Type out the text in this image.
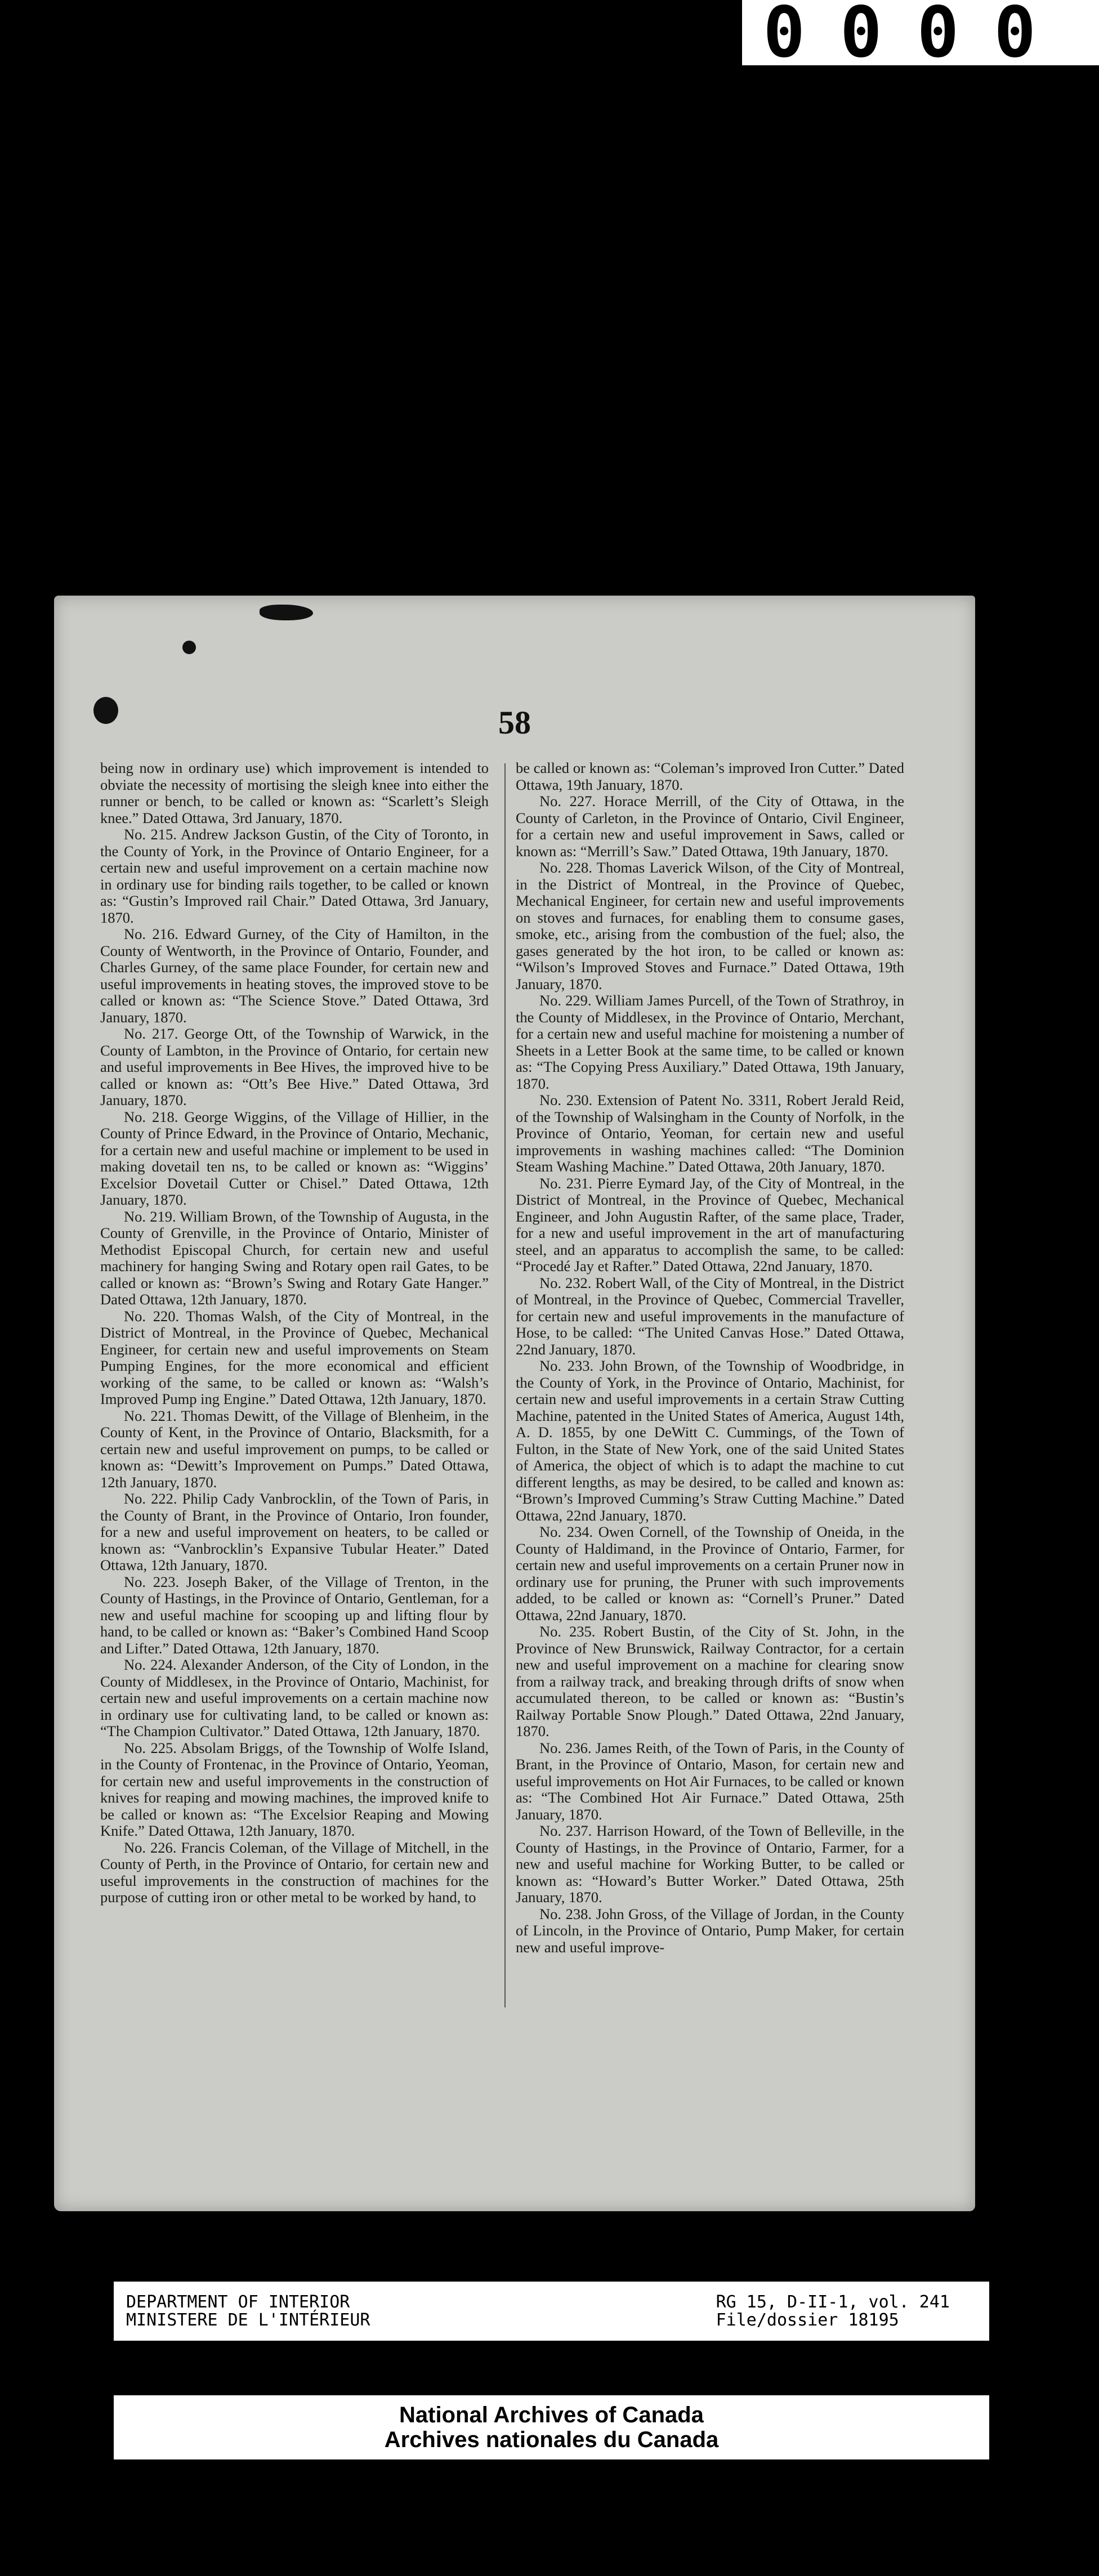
0000
58

being now in ordinary use) which improvement is intended to obviate the necessity of mortising the sleigh knee into either the runner or bench, to be called or known as: “Scarlett’s Sleigh knee.” Dated Ottawa, 3rd January, 1870.

No. 215. Andrew Jackson Gustin, of the City of Toronto, in the County of York, in the Province of Ontario Engineer, for a certain new and useful improvement on a certain machine now in ordinary use for binding rails together, to be called or known as: “Gustin’s Improved rail Chair.” Dated Ottawa, 3rd January, 1870.

No. 216. Edward Gurney, of the City of Hamilton, in the County of Wentworth, in the Province of Ontario, Founder, and Charles Gurney, of the same place Founder, for certain new and useful improvements in heating stoves, the improved stove to be called or known as: “The Science Stove.” Dated Ottawa, 3rd January, 1870.

No. 217. George Ott, of the Township of Warwick, in the County of Lambton, in the Province of Ontario, for certain new and useful improvements in Bee Hives, the improved hive to be called or known as: “Ott’s Bee Hive.” Dated Ottawa, 3rd January, 1870.

No. 218. George Wiggins, of the Village of Hillier, in the County of Prince Edward, in the Province of Ontario, Mechanic, for a certain new and useful machine or implement to be used in making dovetail ten ns, to be called or known as: “Wiggins’ Excelsior Dovetail Cutter or Chisel.” Dated Ottawa, 12th January, 1870.

No. 219. William Brown, of the Township of Augusta, in the County of Grenville, in the Province of Ontario, Minister of Methodist Episcopal Church, for certain new and useful machinery for hanging Swing and Rotary open rail Gates, to be called or known as: “Brown’s Swing and Rotary Gate Hanger.” Dated Ottawa, 12th January, 1870.

No. 220. Thomas Walsh, of the City of Montreal, in the District of Montreal, in the Province of Quebec, Mechanical Engineer, for certain new and useful improvements on Steam Pumping Engines, for the more economical and efficient working of the same, to be called or known as: “Walsh’s Improved Pump ing Engine.” Dated Ottawa, 12th January, 1870.

No. 221. Thomas Dewitt, of the Village of Blenheim, in the County of Kent, in the Province of Ontario, Blacksmith, for a certain new and useful improvement on pumps, to be called or known as: “Dewitt’s Improvement on Pumps.” Dated Ottawa, 12th January, 1870.

No. 222. Philip Cady Vanbrocklin, of the Town of Paris, in the County of Brant, in the Province of Ontario, Iron founder, for a new and useful improvement on heaters, to be called or known as: “Vanbrocklin’s Expansive Tubular Heater.” Dated Ottawa, 12th January, 1870.

No. 223. Joseph Baker, of the Village of Trenton, in the County of Hastings, in the Province of Ontario, Gentleman, for a new and useful machine for scooping up and lifting flour by hand, to be called or known as: “Baker’s Combined Hand Scoop and Lifter.” Dated Ottawa, 12th January, 1870.

No. 224. Alexander Anderson, of the City of London, in the County of Middlesex, in the Province of Ontario, Machinist, for certain new and useful improvements on a certain machine now in ordinary use for cultivating land, to be called or known as: “The Champion Cultivator.” Dated Ottawa, 12th January, 1870.

No. 225. Absolam Briggs, of the Township of Wolfe Island, in the County of Frontenac, in the Province of Ontario, Yeoman, for certain new and useful improvements in the construction of knives for reaping and mowing machines, the improved knife to be called or known as: “The Excelsior Reaping and Mowing Knife.” Dated Ottawa, 12th January, 1870.

No. 226. Francis Coleman, of the Village of Mitchell, in the County of Perth, in the Province of Ontario, for certain new and useful improvements in the construction of machines for the purpose of cutting iron or other metal to be worked by hand, to

be called or known as: “Coleman’s improved Iron Cutter.” Dated Ottawa, 19th January, 1870.

No. 227. Horace Merrill, of the City of Ottawa, in the County of Carleton, in the Province of Ontario, Civil Engineer, for a certain new and useful improvement in Saws, called or known as: “Merrill’s Saw.” Dated Ottawa, 19th January, 1870.

No. 228. Thomas Laverick Wilson, of the City of Montreal, in the District of Montreal, in the Province of Quebec, Mechanical Engineer, for certain new and useful improvements on stoves and furnaces, for enabling them to consume gases, smoke, etc., arising from the combustion of the fuel; also, the gases generated by the hot iron, to be called or known as: “Wilson’s Improved Stoves and Furnace.” Dated Ottawa, 19th January, 1870.

No. 229. William James Purcell, of the Town of Strathroy, in the County of Middlesex, in the Province of Ontario, Merchant, for a certain new and useful machine for moistening a number of Sheets in a Letter Book at the same time, to be called or known as: “The Copying Press Auxiliary.” Dated Ottawa, 19th January, 1870.

No. 230. Extension of Patent No. 3311, Robert Jerald Reid, of the Township of Walsingham in the County of Norfolk, in the Province of Ontario, Yeoman, for certain new and useful improvements in washing machines called: “The Dominion Steam Washing Machine.” Dated Ottawa, 20th January, 1870.

No. 231. Pierre Eymard Jay, of the City of Montreal, in the District of Montreal, in the Province of Quebec, Mechanical Engineer, and John Augustin Rafter, of the same place, Trader, for a new and useful improvement in the art of manufacturing steel, and an apparatus to accomplish the same, to be called: “Procedé Jay et Rafter.” Dated Ottawa, 22nd January, 1870.

No. 232. Robert Wall, of the City of Montreal, in the District of Montreal, in the Province of Quebec, Commercial Traveller, for certain new and useful improvements in the manufacture of Hose, to be called: “The United Canvas Hose.” Dated Ottawa, 22nd January, 1870.

No. 233. John Brown, of the Township of Woodbridge, in the County of York, in the Province of Ontario, Machinist, for certain new and useful improvements in a certain Straw Cutting Machine, patented in the United States of America, August 14th, A. D. 1855, by one DeWitt C. Cummings, of the Town of Fulton, in the State of New York, one of the said United States of America, the object of which is to adapt the machine to cut different lengths, as may be desired, to be called and known as: “Brown’s Improved Cumming’s Straw Cutting Machine.” Dated Ottawa, 22nd January, 1870.

No. 234. Owen Cornell, of the Township of Oneida, in the County of Haldimand, in the Province of Ontario, Farmer, for certain new and useful improvements on a certain Pruner now in ordinary use for pruning, the Pruner with such improvements added, to be called or known as: “Cornell’s Pruner.” Dated Ottawa, 22nd January, 1870.

No. 235. Robert Bustin, of the City of St. John, in the Province of New Brunswick, Railway Contractor, for a certain new and useful improvement on a machine for clearing snow from a railway track, and breaking through drifts of snow when accumulated thereon, to be called or known as: “Bustin’s Railway Portable Snow Plough.” Dated Ottawa, 22nd January, 1870.

No. 236. James Reith, of the Town of Paris, in the County of Brant, in the Province of Ontario, Mason, for certain new and useful improvements on Hot Air Furnaces, to be called or known as: “The Combined Hot Air Furnace.” Dated Ottawa, 25th January, 1870.

No. 237. Harrison Howard, of the Town of Belleville, in the County of Hastings, in the Province of Ontario, Farmer, for a new and useful machine for Working Butter, to be called or known as: “Howard’s Butter Worker.” Dated Ottawa, 25th January, 1870.

No. 238. John Gross, of the Village of Jordan, in the County of Lincoln, in the Province of Ontario, Pump Maker, for certain new and useful improve-

DEPARTMENT OF INTERIOR
MINISTERE DE L'INTÉRIEUR
RG 15, D-II-1, vol. 241
File/dossier 18195
National Archives of Canada
Archives nationales du Canada
